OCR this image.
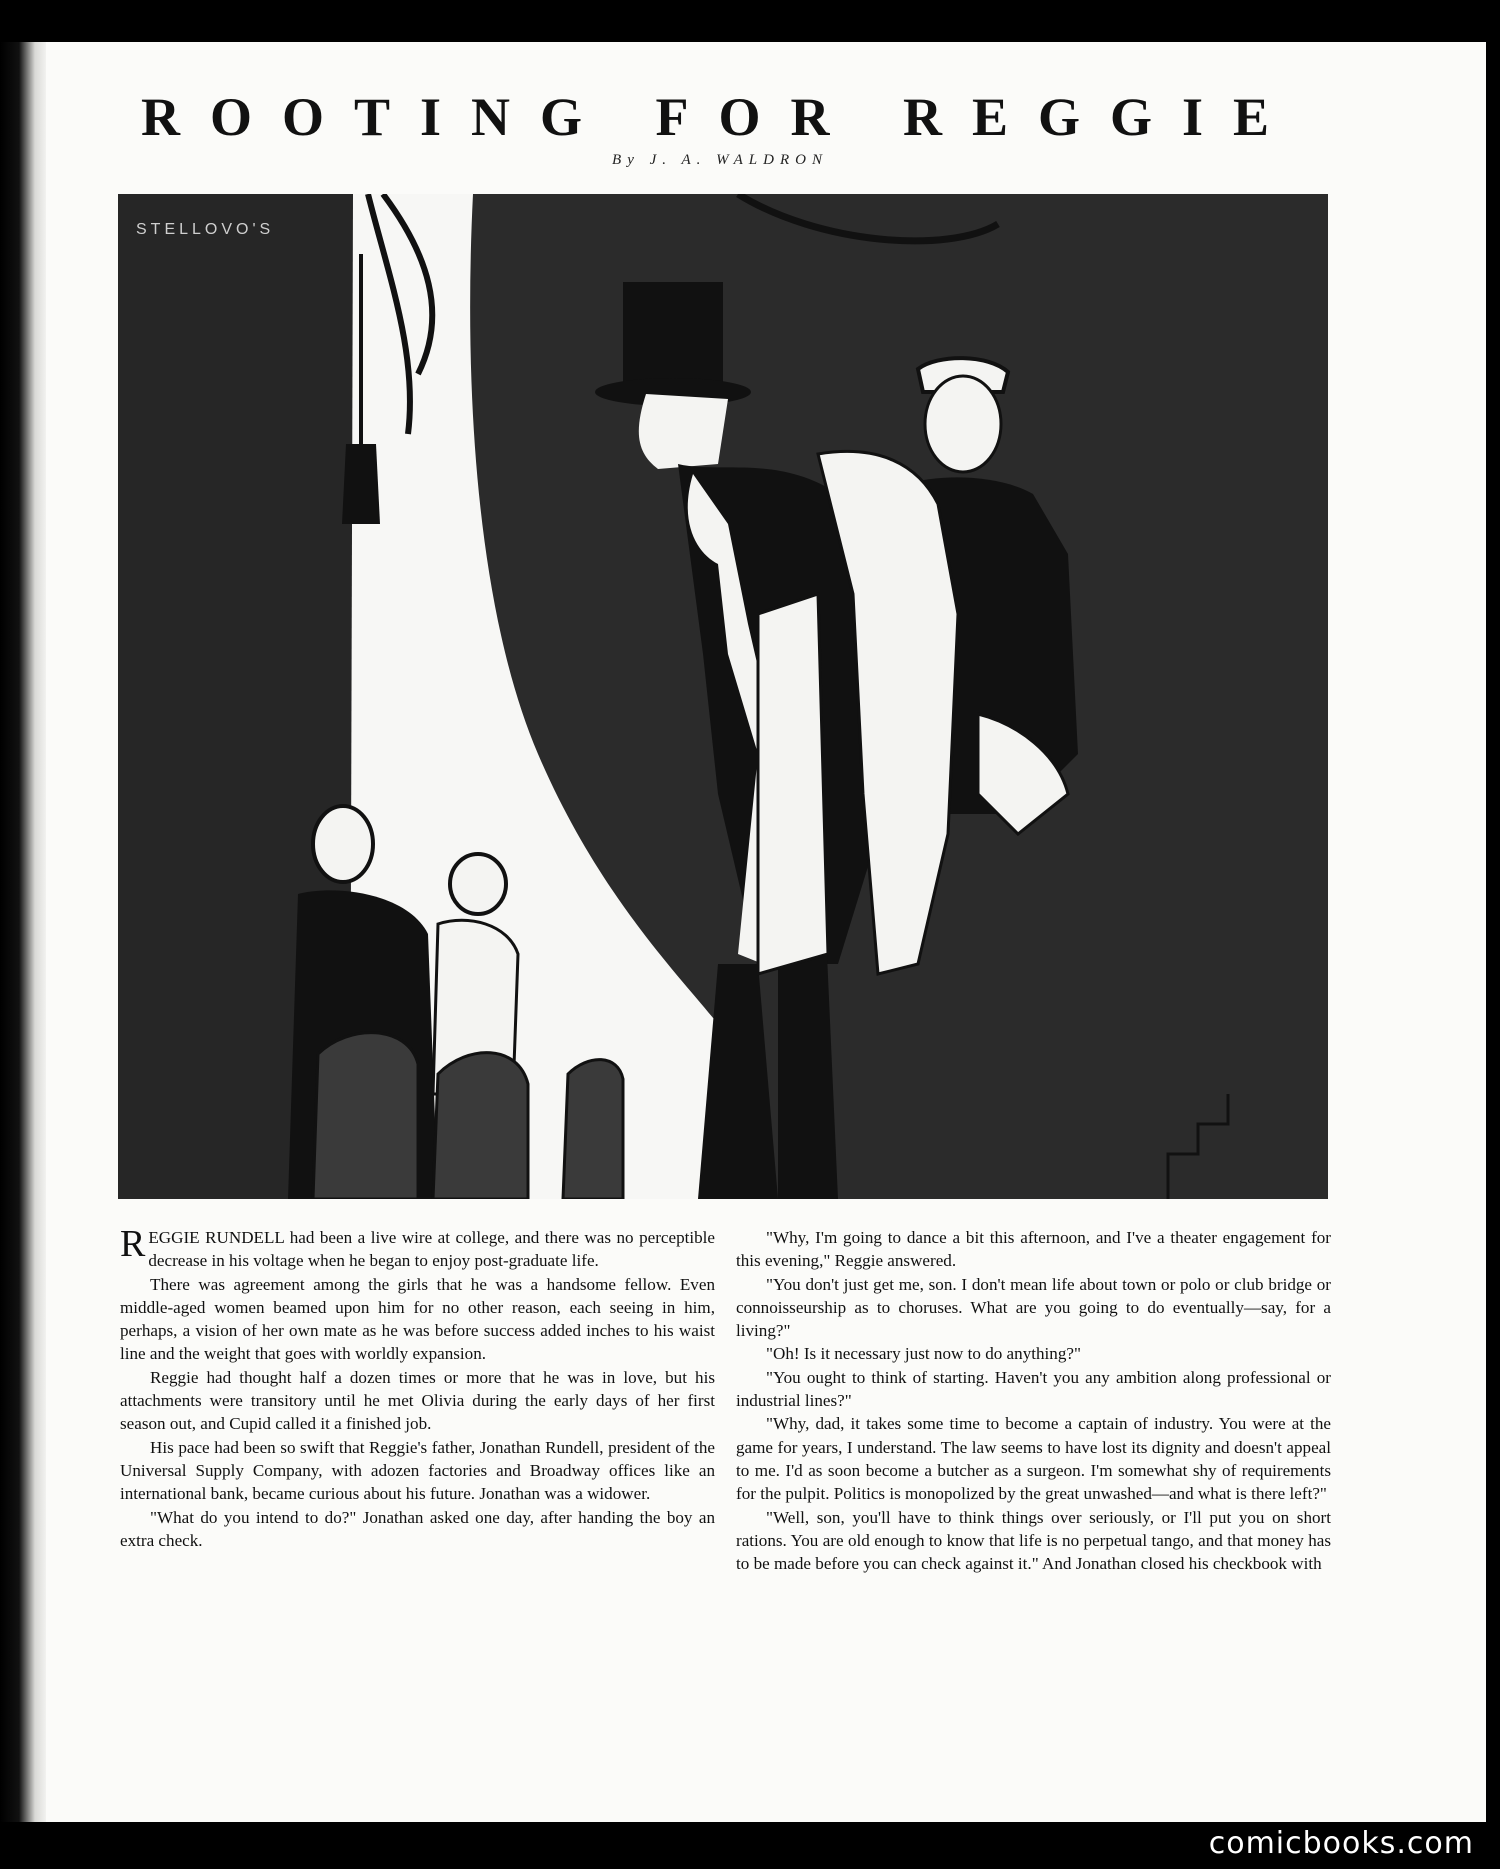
ROOTING FOR REGGIE
By J. A. WALDRON
STELLOVO'S

REGGIE RUNDELL had been a live wire at college, and there was no perceptible decrease in his voltage when he began to enjoy post-graduate life.

There was agreement among the girls that he was a handsome fellow. Even middle-aged women beamed upon him for no other reason, each seeing in him, perhaps, a vision of her own mate as he was before success added inches to his waist line and the weight that goes with worldly expansion.

Reggie had thought half a dozen times or more that he was in love, but his attachments were transitory until he met Olivia during the early days of her first season out, and Cupid called it a finished job.

His pace had been so swift that Reggie's father, Jonathan Rundell, president of the Universal Supply Company, with adozen factories and Broadway offices like an international bank, became curious about his future. Jonathan was a widower.

"What do you intend to do?" Jonathan asked one day, after handing the boy an extra check.

"Why, I'm going to dance a bit this afternoon, and I've a theater engagement for this evening," Reggie answered.

"You don't just get me, son. I don't mean life about town or polo or club bridge or connoisseurship as to choruses. What are you going to do eventually—say, for a living?"

"Oh! Is it necessary just now to do anything?"

"You ought to think of starting. Haven't you any ambition along professional or industrial lines?"

"Why, dad, it takes some time to become a captain of industry. You were at the game for years, I understand. The law seems to have lost its dignity and doesn't appeal to me. I'd as soon become a butcher as a surgeon. I'm somewhat shy of requirements for the pulpit. Politics is monopolized by the great unwashed—and what is there left?"

"Well, son, you'll have to think things over seriously, or I'll put you on short rations. You are old enough to know that life is no perpetual tango, and that money has to be made before you can check against it." And Jonathan closed his checkbook with

comicbooks.com
